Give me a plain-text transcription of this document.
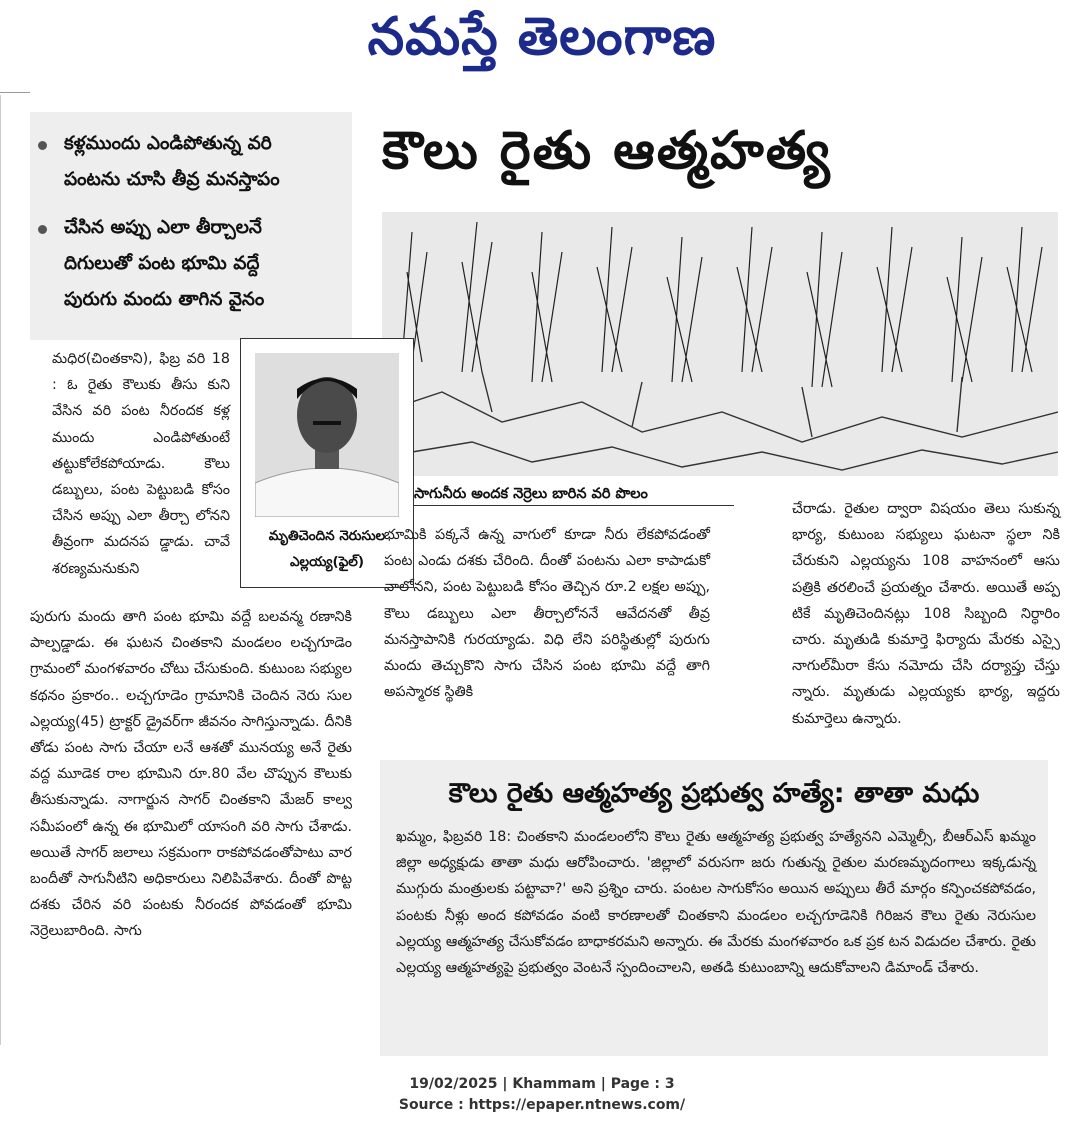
నమస్తే తెలంగాణ
కళ్లముందు ఎండిపోతున్న వరి
పంటను చూసి తీవ్ర మనస్తాపం
చేసిన అప్పు ఎలా తీర్చాలనే
దిగులుతో పంట భూమి వద్దే
పురుగు మందు తాగిన వైనం
కౌలు రైతు ఆత్మహత్య
సాగునీరు అందక నెర్రెలు బారిన వరి పొలం
మృతిచెందిన నెరుసుల
ఎల్లయ్య(ఫైల్)
మధిర(చింతకాని), ఫిబ్ర వరి 18 : ఓ రైతు కౌలుకు తీసు కుని వేసిన వరి పంట నీరందక కళ్ల ముందు ఎండిపోతుంటే తట్టుకోలేకపోయాడు. కౌలు డబ్బులు, పంట పెట్టుబడి కోసం చేసిన అప్పు ఎలా తీర్చా లోనని తీవ్రంగా మదనప డ్డాడు. చావే శరణ్యమనుకుని
పురుగు మందు తాగి పంట భూమి వద్దే బలవన్మ రణానికి పాల్పడ్డాడు. ఈ ఘటన చింతకాని మండలం లచ్చగూడెం గ్రామంలో మంగళవారం చోటు చేసుకుంది. కుటుంబ సభ్యుల కథనం ప్రకారం.. లచ్చగూడెం గ్రామానికి చెందిన నెరు సుల ఎల్లయ్య(45) ట్రాక్టర్ డ్రైవర్‌గా జీవనం సాగిస్తున్నాడు. దీనికి తోడు పంట సాగు చేయా లనే ఆశతో మునయ్య అనే రైతు వద్ద మూడెక రాల భూమిని రూ.80 వేల చొప్పున కౌలుకు తీసుకున్నాడు. నాగార్జున సాగర్ చింతకాని మేజర్ కాల్వ సమీపంలో ఉన్న ఈ భూమిలో యాసంగి వరి సాగు చేశాడు. అయితే సాగర్ జలాలు సక్రమంగా రాకపోవడంతోపాటు వార బందీతో సాగునీటిని అధికారులు నిలిపివేశారు. దీంతో పొట్ట దశకు చేరిన వరి పంటకు నీరందక పోవడంతో భూమి నెర్రెలుబారింది. సాగు
భూమికి పక్కనే ఉన్న వాగులో కూడా నీరు లేకపోవడంతో పంట ఎండు దశకు చేరింది. దీంతో పంటను ఎలా కాపాడుకో వాలోనని, పంట పెట్టుబడి కోసం తెచ్చిన రూ.2 లక్షల అప్పు, కౌలు డబ్బులు ఎలా తీర్చాలోననే ఆవేదనతో తీవ్ర మనస్తాపానికి గురయ్యాడు. విధి లేని పరిస్థితుల్లో పురుగు మందు తెచ్చుకొని సాగు చేసిన పంట భూమి వద్దే తాగి అపస్మారక స్థితికి
చేరాడు. రైతుల ద్వారా విషయం తెలు సుకున్న భార్య, కుటుంబ సభ్యులు ఘటనా స్థలా నికి చేరుకుని ఎల్లయ్యను 108 వాహనంలో ఆసు పత్రికి తరలించే ప్రయత్నం చేశారు. అయితే అప్ప టికే మృతిచెందినట్లు 108 సిబ్బంది నిర్ధారిం చారు. మృతుడి కుమార్తె ఫిర్యాదు మేరకు ఎస్సై నాగుల్‌మీరా కేసు నమోదు చేసి దర్యాప్తు చేస్తు న్నారు. మృతుడు ఎల్లయ్యకు భార్య, ఇద్దరు కుమార్తెలు ఉన్నారు.
కౌలు రైతు ఆత్మహత్య ప్రభుత్వ హత్యే: తాతా మధు
ఖమ్మం, ఫిబ్రవరి 18: చింతకాని మండలంలోని కౌలు రైతు ఆత్మహత్య ప్రభుత్వ హత్యేనని ఎమ్మెల్సీ, బీఆర్‌ఎస్ ఖమ్మం జిల్లా అధ్యక్షుడు తాతా మధు ఆరోపించారు. 'జిల్లాలో వరుసగా జరు గుతున్న రైతుల మరణమృదంగాలు ఇక్కడున్న ముగ్గురు మంత్రులకు పట్టావా?' అని ప్రశ్నిం చారు. పంటల సాగుకోసం అయిన అప్పులు తీరే మార్గం కన్పించకపోవడం, పంటకు నీళ్లు అంద కపోవడం వంటి కారణాలతో చింతకాని మండలం లచ్చగూడెనికి గిరిజన కౌలు రైతు నెరుసుల ఎల్లయ్య ఆత్మహత్య చేసుకోవడం బాధాకరమని అన్నారు. ఈ మేరకు మంగళవారం ఒక ప్రక టన విడుదల చేశారు. రైతు ఎల్లయ్య ఆత్మహత్యపై ప్రభుత్వం వెంటనే స్పందించాలని, అతడి కుటుంబాన్ని ఆదుకోవాలని డిమాండ్ చేశారు.
19/02/2025 | Khammam | Page : 3
Source : https://epaper.ntnews.com/
